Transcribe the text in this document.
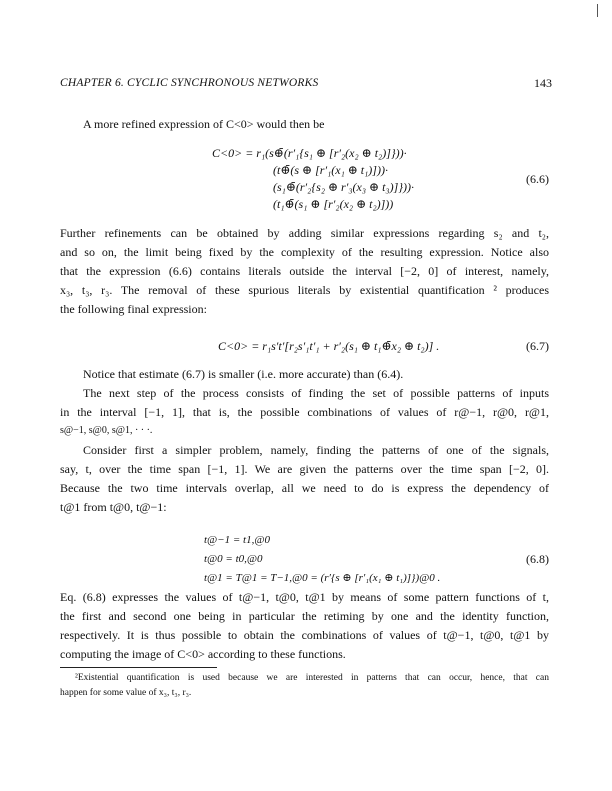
CHAPTER 6. CYCLIC SYNCHRONOUS NETWORKS	143
A more refined expression of C<0> would then be
C<0> = r₁(s⊕̄(r′₁{s₁ ⊕ [r′₂(x₂ ⊕ t₂)]}))·
(t⊕̄(s ⊕ [r′₁(x₁ ⊕ t₁)]))·
(s₁⊕̄(r′₂{s₂ ⊕ r′₃(x₃ ⊕ t₃)]}))·
(t₁⊕̄(s₁ ⊕ [r′₂(x₂ ⊕ t₂)]))
(6.6)
Further refinements can be obtained by adding similar expressions regarding s₂ and t₂,
and so on, the limit being fixed by the complexity of the resulting expression. Notice also
that the expression (6.6) contains literals outside the interval [−2, 0] of interest, namely,
x₃, t₃, r₃. The removal of these spurious literals by existential quantification ² produces
the following final expression:
C<0> = r₁s′t′[r₂s′₁t′₁ + r′₂(s₁ ⊕ t₁⊕̄x₂ ⊕ t₂)] .	(6.7)
Notice that estimate (6.7) is smaller (i.e. more accurate) than (6.4).
The next step of the process consists of finding the set of possible patterns of inputs
in the interval [−1, 1], that is, the possible combinations of values of r@−1, r@0, r@1,
s@−1, s@0, s@1, · · ·.
Consider first a simpler problem, namely, finding the patterns of one of the signals,
say, t, over the time span [−1, 1]. We are given the patterns over the time span [−2, 0].
Because the two time intervals overlap, all we need to do is express the dependency of
t@1 from t@0, t@−1:
t@−1 = t1,@0
t@0 = t0,@0
t@1 = T@1 = T−1,@0 = (r′{s ⊕ [r′₁(x₁ ⊕ t₁)]})@0 .
(6.8)
Eq. (6.8) expresses the values of t@−1, t@0, t@1 by means of some pattern functions of t,
the first and second one being in particular the retiming by one and the identity function,
respectively. It is thus possible to obtain the combinations of values of t@−1, t@0, t@1 by
computing the image of C<0> according to these functions.
²Existential quantification is used because we are interested in patterns that can occur, hence, that can
happen for some value of x₃, t₃, r₃.
